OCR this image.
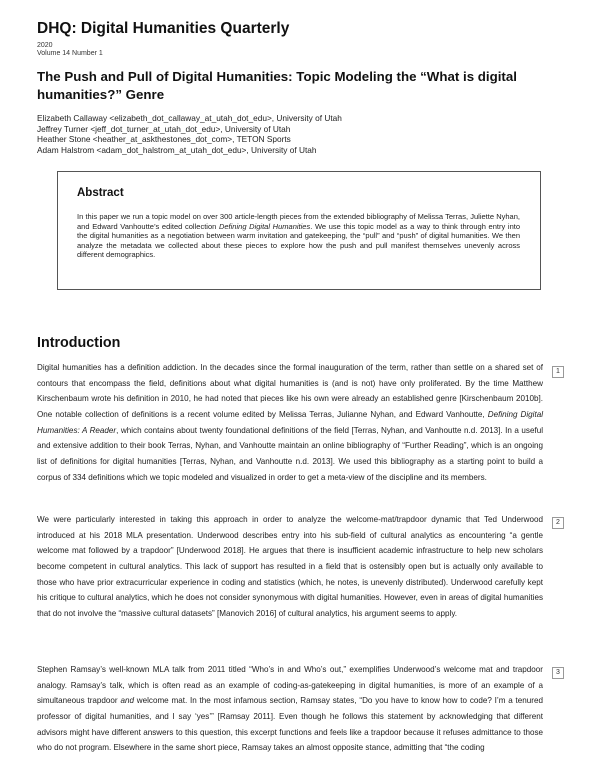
DHQ: Digital Humanities Quarterly
2020
Volume 14 Number 1
The Push and Pull of Digital Humanities: Topic Modeling the “What is digital humanities?” Genre
Elizabeth Callaway <elizabeth_dot_callaway_at_utah_dot_edu>, University of Utah
Jeffrey Turner <jeff_dot_turner_at_utah_dot_edu>, University of Utah
Heather Stone <heather_at_askthestones_dot_com>, TETON Sports
Adam Halstrom <adam_dot_halstrom_at_utah_dot_edu>, University of Utah
Abstract
In this paper we run a topic model on over 300 article-length pieces from the extended bibliography of Melissa Terras, Juliette Nyhan, and Edward Vanhoutte’s edited collection Defining Digital Humanities. We use this topic model as a way to think through entry into the digital humanities as a negotiation between warm invitation and gatekeeping, the “pull” and “push” of digital humanities. We then analyze the metadata we collected about these pieces to explore how the push and pull manifest themselves unevenly across different demographics.
Introduction
Digital humanities has a definition addiction. In the decades since the formal inauguration of the term, rather than settle on a shared set of contours that encompass the field, definitions about what digital humanities is (and is not) have only proliferated. By the time Matthew Kirschenbaum wrote his definition in 2010, he had noted that pieces like his own were already an established genre [Kirschenbaum 2010b]. One notable collection of definitions is a recent volume edited by Melissa Terras, Julianne Nyhan, and Edward Vanhoutte, Defining Digital Humanities: A Reader, which contains about twenty foundational definitions of the field [Terras, Nyhan, and Vanhoutte n.d. 2013]. In a useful and extensive addition to their book Terras, Nyhan, and Vanhoutte maintain an online bibliography of “Further Reading”, which is an ongoing list of definitions for digital humanities [Terras, Nyhan, and Vanhoutte n.d. 2013]. We used this bibliography as a starting point to build a corpus of 334 definitions which we topic modeled and visualized in order to get a meta-view of the discipline and its members.
1
We were particularly interested in taking this approach in order to analyze the welcome-mat/trapdoor dynamic that Ted Underwood introduced at his 2018 MLA presentation. Underwood describes entry into his sub-field of cultural analytics as encountering “a gentle welcome mat followed by a trapdoor” [Underwood 2018]. He argues that there is insufficient academic infrastructure to help new scholars become competent in cultural analytics. This lack of support has resulted in a field that is ostensibly open but is actually only available to those who have prior extracurricular experience in coding and statistics (which, he notes, is unevenly distributed). Underwood carefully kept his critique to cultural analytics, which he does not consider synonymous with digital humanities. However, even in areas of digital humanities that do not involve the “massive cultural datasets” [Manovich 2016] of cultural analytics, his argument seems to apply.
2
Stephen Ramsay’s well-known MLA talk from 2011 titled “Who’s in and Who’s out,” exemplifies Underwood’s welcome mat and trapdoor analogy. Ramsay’s talk, which is often read as an example of coding-as-gatekeeping in digital humanities, is more of an example of a simultaneous trapdoor and welcome mat. In the most infamous section, Ramsay states, “Do you have to know how to code? I’m a tenured professor of digital humanities, and I say ‘yes’” [Ramsay 2011]. Even though he follows this statement by acknowledging that different advisors might have different answers to this question, this excerpt functions and feels like a trapdoor because it refuses admittance to those who do not program. Elsewhere in the same short piece, Ramsay takes an almost opposite stance, admitting that “the coding
3
